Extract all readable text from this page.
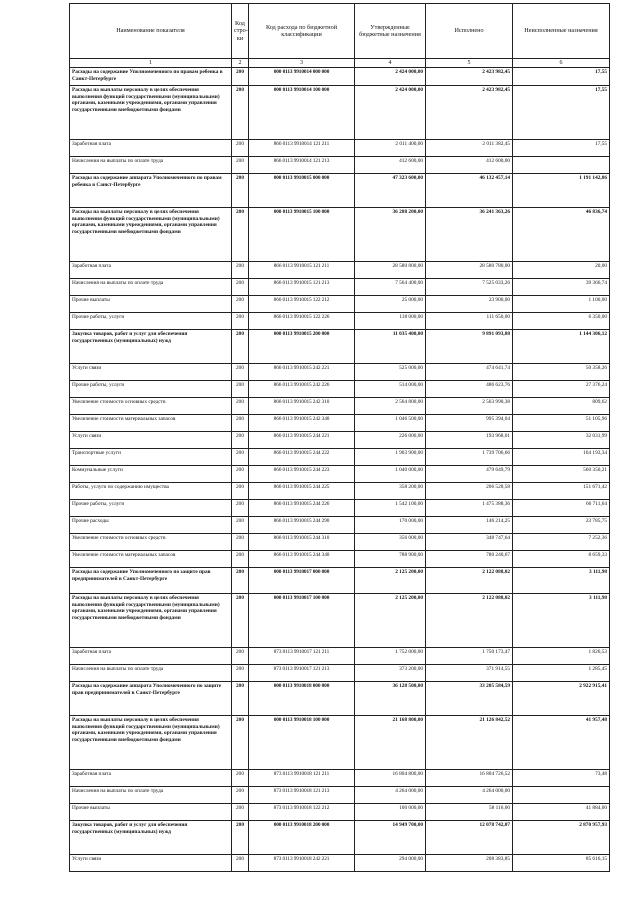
Наименование показателя	Код стро-ки	Код расхода по бюджетной классификации	Утвержденные бюджетные назначения	Исполнено	Неисполненные назначения
1	2	3	4	5	6
Расходы на содержание Уполномоченного по правам ребенка в Санкт-Петербурге	200	000 0113 9910014 000 000	2 424 000,00	2 423 982,45	17,55
Расходы на выплаты персоналу в целях обеспечения выполнения функций государственными (муниципальными) органами, казенными учреждениями, органами управления государственными внебюджетными фондами	200	000 0113 9910014 100 000	2 424 000,00	2 423 982,45	17,55
Заработная плата	200	866 0113 9910014 121 211	2 011 400,00	2 011 382,45	17,55
Начисления на выплаты по оплате труда	200	866 0113 9910014 121 213	412 600,00	412 600,00	
Расходы на содержание аппарата Уполномоченного по правам ребенка в Санкт-Петербурге	200	000 0113 9910015 000 000	47 323 600,00	46 132 457,14	1 191 142,86
Расходы на выплаты персоналу в целях обеспечения выполнения функций государственными (муниципальными) органами, казенными учреждениями, органами управления государственными внебюджетными фондами	200	000 0113 9910015 100 000	36 288 200,00	36 241 363,26	46 836,74
Заработная плата	200	866 0113 9910015 121 211	28 580 800,00	28 580 780,00	20,00
Начисления на выплаты по оплате труда	200	866 0113 9910015 121 213	7 564 400,00	7 525 033,26	39 366,74
Прочие выплаты	200	866 0113 9910015 122 212	25 000,00	23 900,00	1 100,00
Прочие работы, услуги	200	866 0113 9910015 122 226	118 000,00	111 650,00	6 350,00
Закупка товаров, работ и услуг для обеспечения государственных (муниципальных) нужд	200	000 0113 9910015 200 000	11 035 400,00	9 891 093,88	1 144 306,12
Услуги связи	200	866 0113 9910015 242 221	525 000,00	474 641,74	50 358,26
Прочие работы, услуги	200	866 0113 9910015 242 226	514 000,00	486 623,76	27 376,24
Увеличение стоимости основных средств	200	866 0113 9910015 242 310	2 564 800,00	2 563 990,38	809,62
Увеличение стоимости материальных запасов	200	866 0113 9910015 242 340	1 046 500,00	995 394,04	51 105,96
Услуги связи	200	866 0113 9910015 244 221	226 000,00	193 968,01	32 031,99
Транспортные услуги	200	866 0113 9910015 244 222	1 903 900,00	1 739 706,66	164 193,34
Коммунальные услуги	200	866 0113 9910015 244 223	1 040 000,00	479 649,79	560 350,21
Работы, услуги по содержанию имущества	200	866 0113 9910015 244 225	358 200,00	206 528,58	151 671,42
Прочие работы, услуги	200	866 0113 9910015 244 226	1 542 100,00	1 475 388,36	66 711,64
Прочие расходы	200	866 0113 9910015 244 290	170 000,00	146 214,25	23 785,75
Увеличение стоимости основных средств	200	866 0113 9910015 244 310	356 000,00	348 747,64	7 252,36
Увеличение стоимости материальных запасов	200	866 0113 9910015 244 340	788 900,00	780 240,67	8 659,33
Расходы на содержание Уполномоченного по защите прав предпринимателей в Санкт-Петербурге	200	000 0113 9910017 000 000	2 125 200,00	2 122 088,02	3 111,98
Расходы на выплаты персоналу в целях обеспечения выполнения функций государственными (муниципальными) органами, казенными учреждениями, органами управления государственными внебюджетными фондами	200	000 0113 9910017 100 000	2 125 200,00	2 122 088,02	3 111,98
Заработная плата	200	873 0113 9910017 121 211	1 752 000,00	1 750 173,47	1 826,53
Начисления на выплаты по оплате труда	200	873 0113 9910017 121 213	373 200,00	371 914,55	1 285,45
Расходы на содержание аппарата Уполномоченного по защите прав предпринимателей в Санкт-Петербурге	200	000 0113 9910018 000 000	36 128 500,00	33 205 584,59	2 922 915,41
Расходы на выплаты персоналу в целях обеспечения выполнения функций государственными (муниципальными) органами, казенными учреждениями, органами управления государственными внебюджетными фондами	200	000 0113 9910018 100 000	21 168 800,00	21 126 842,52	41 957,48
Заработная плата	200	873 0113 9910018 121 211	16 804 800,00	16 804 726,52	73,48
Начисления на выплаты по оплате труда	200	873 0113 9910018 121 213	4 264 000,00	4 264 000,00	
Прочие выплаты	200	873 0113 9910018 122 212	100 000,00	58 116,00	41 884,00
Закупка товаров, работ и услуг для обеспечения государственных (муниципальных) нужд	200	000 0113 9910018 200 000	14 949 700,00	12 078 742,07	2 870 957,93
Услуги связи	200	873 0113 9910018 242 221	294 000,00	208 383,85	85 616,15
